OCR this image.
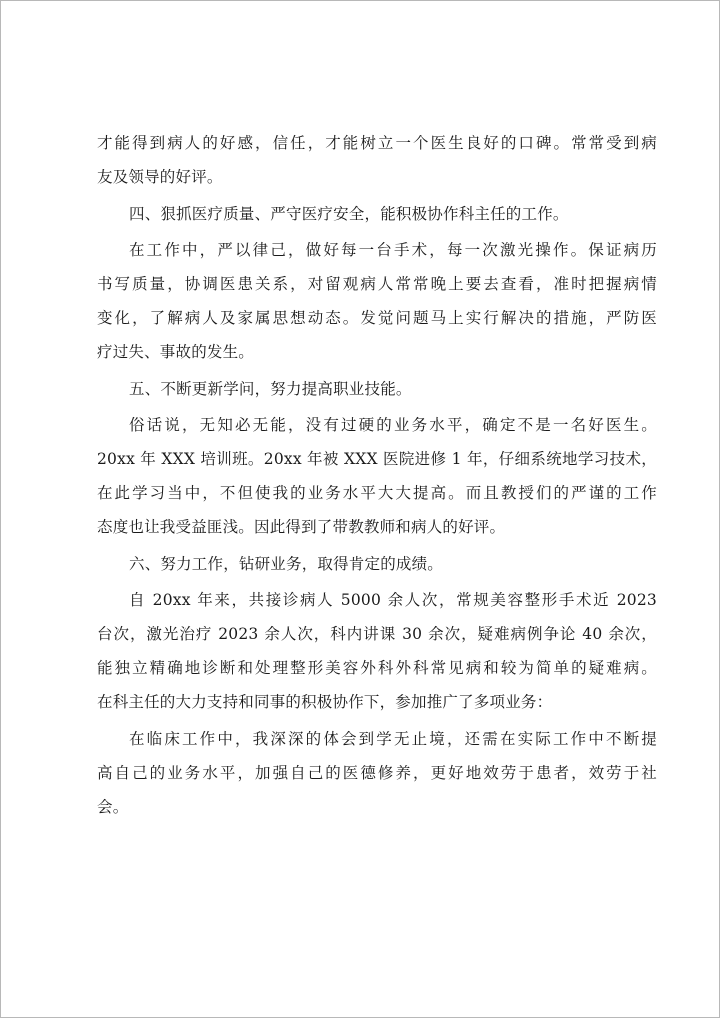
才能得到病人的好感，信任，才能树立一个医生良好的口碑。常常受到病
友及领导的好评。

四、狠抓医疗质量、严守医疗安全，能积极协作科主任的工作。

在工作中，严以律己，做好每一台手术，每一次激光操作。保证病历
书写质量，协调医患关系，对留观病人常常晚上要去查看，准时把握病情
变化，了解病人及家属思想动态。发觉问题马上实行解决的措施，严防医
疗过失、事故的发生。

五、不断更新学问，努力提高职业技能。

俗话说，无知必无能，没有过硬的业务水平，确定不是一名好医生。
20xx 年 XXX 培训班。20xx 年被 XXX 医院进修 1 年，仔细系统地学习技术，
在此学习当中，不但使我的业务水平大大提高。而且教授们的严谨的工作
态度也让我受益匪浅。因此得到了带教教师和病人的好评。

六、努力工作，钻研业务，取得肯定的成绩。

自 20xx 年来，共接诊病人 5000 余人次，常规美容整形手术近 2023
台次，激光治疗 2023 余人次，科内讲课 30 余次，疑难病例争论 40 余次，
能独立精确地诊断和处理整形美容外科外科常见病和较为简单的疑难病。
在科主任的大力支持和同事的积极协作下，参加推广了多项业务：

在临床工作中，我深深的体会到学无止境，还需在实际工作中不断提
高自己的业务水平，加强自己的医德修养，更好地效劳于患者，效劳于社
会。
